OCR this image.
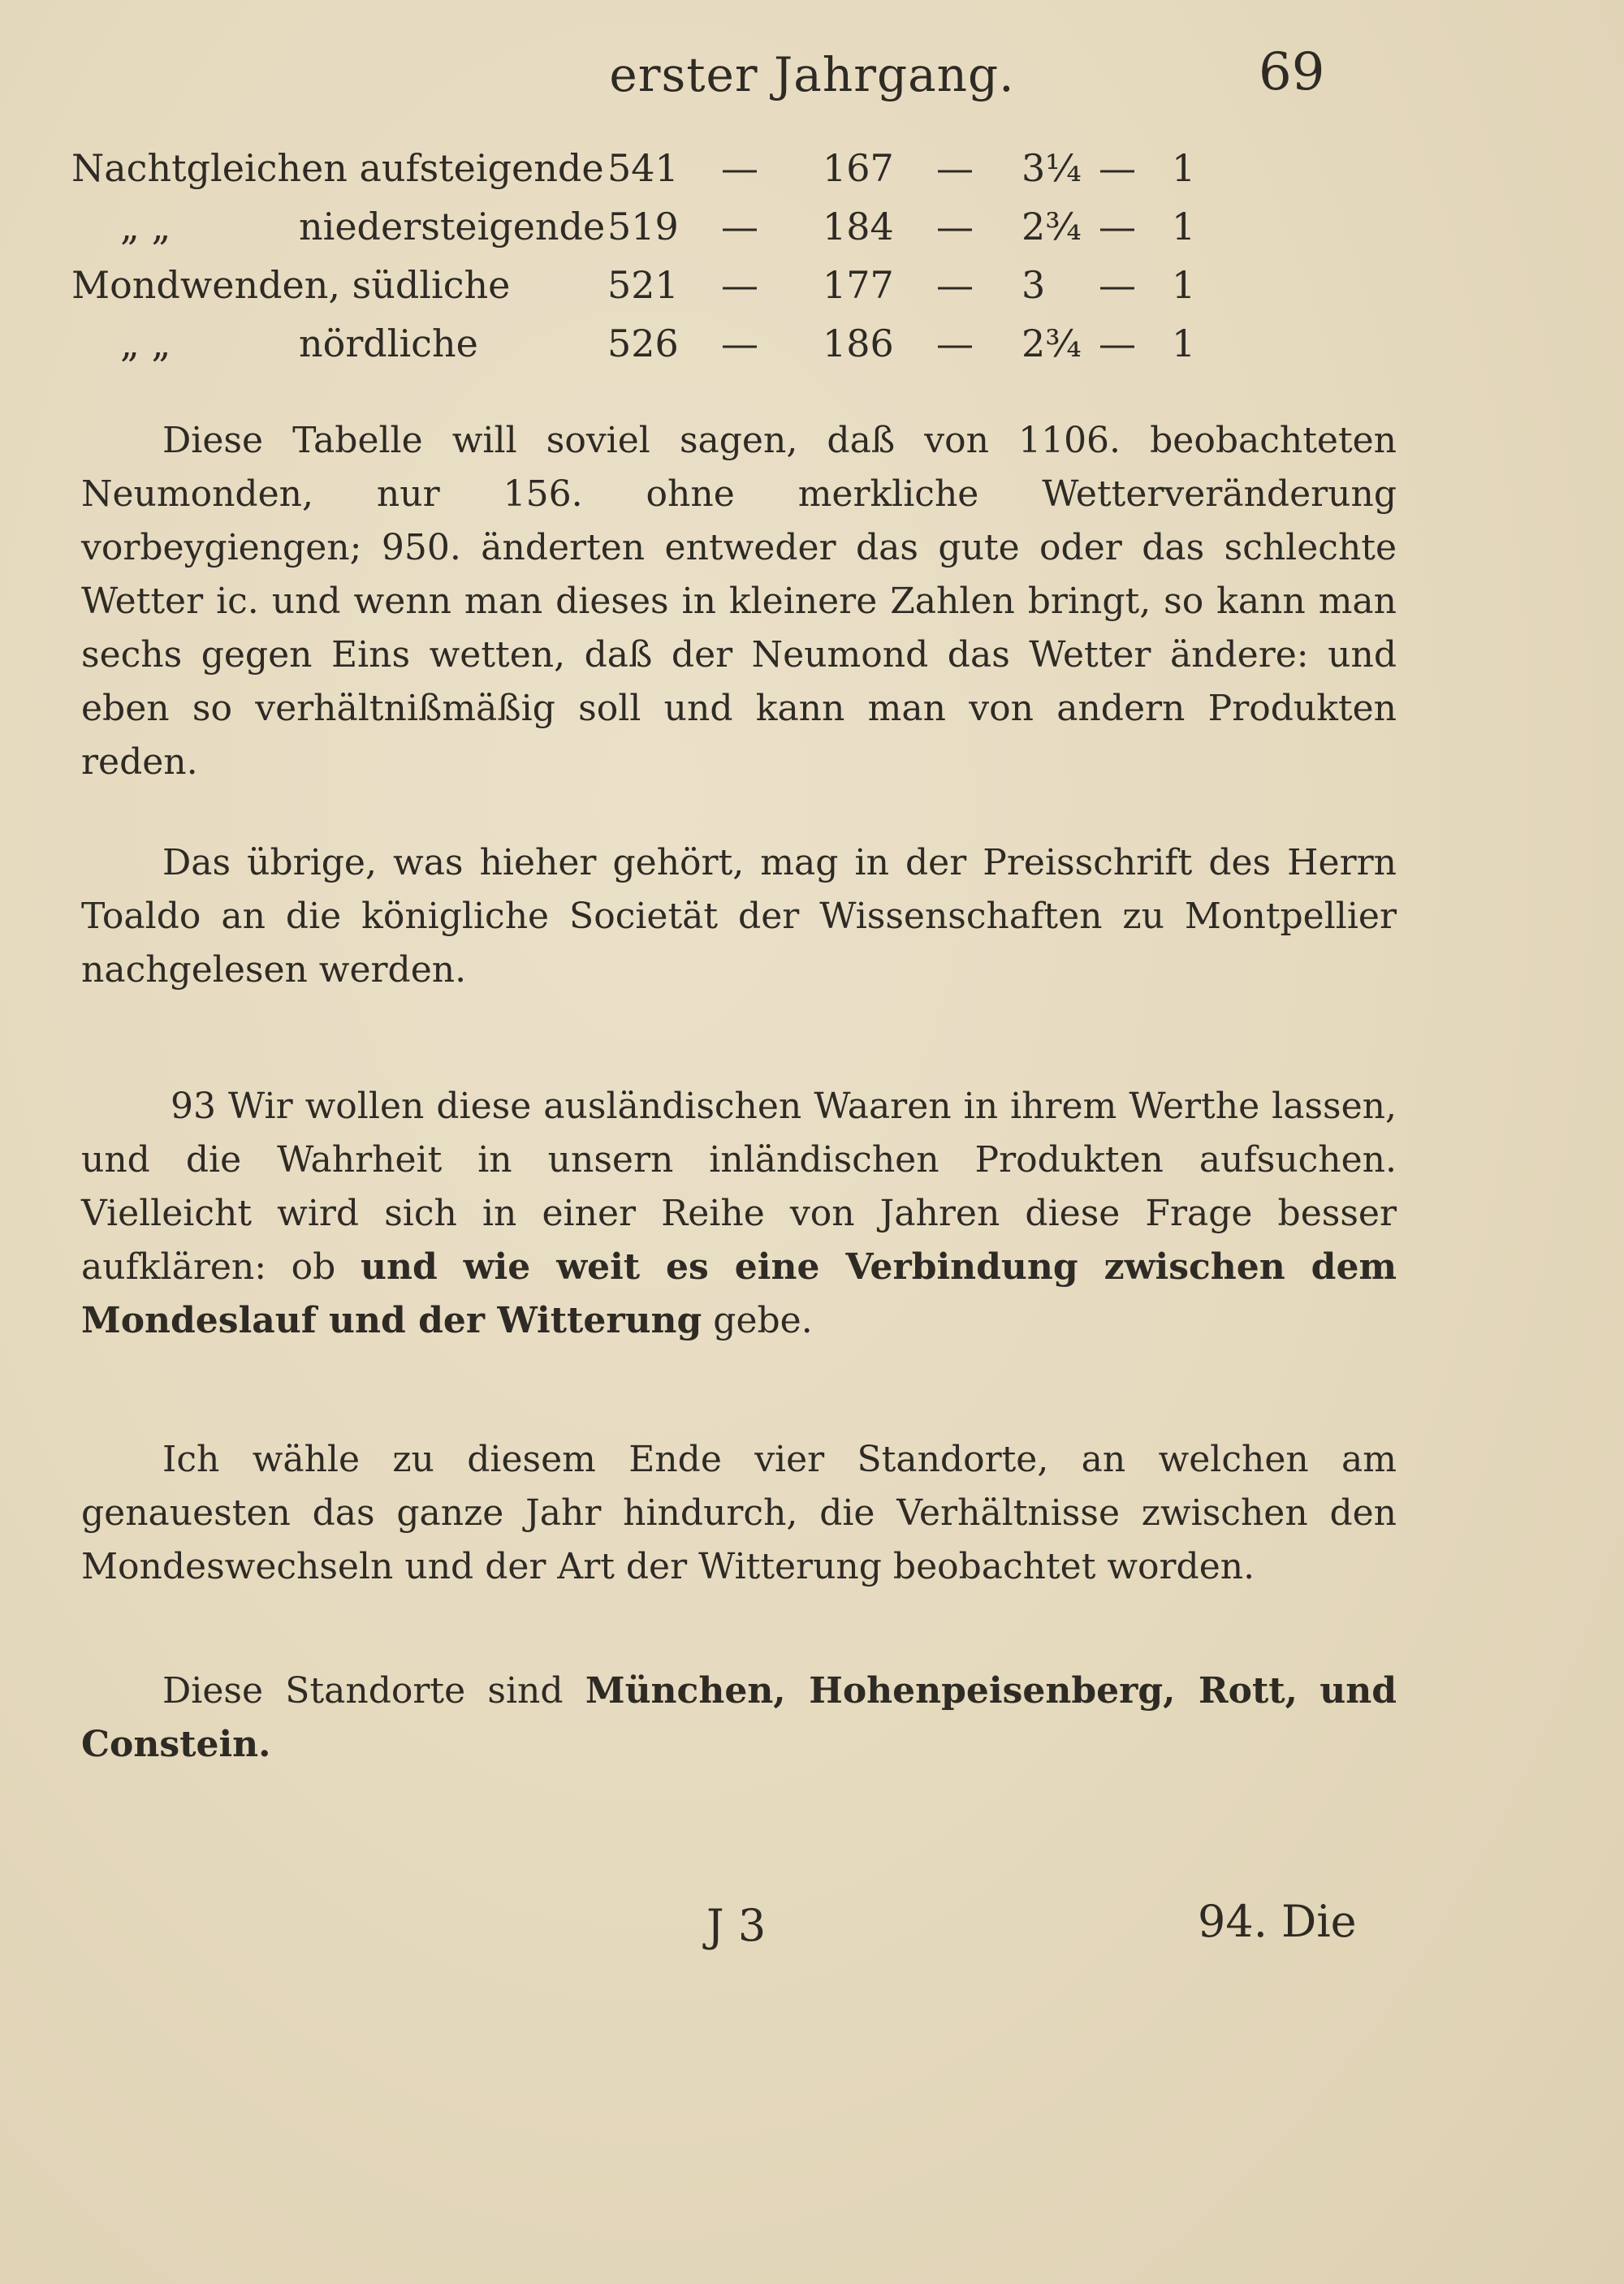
erster Jahrgang.	69
Nachtgleichen aufsteigende 541 — 167 — 3¼ — 1
„ „	niedersteigende 519 — 184 — 2¾ — 1
Mondwenden, südliche	521 — 177 — 3 — 1
„ „	nördliche	526 — 186 — 2¾ — 1

Diese Tabelle will soviel sagen, daß von 1106. beobachteten Neumonden, nur 156. ohne merkliche Wetterveränderung vorbeygiengen; 950. änderten entweder das gute oder das schlechte Wetter ic. und wenn man dieses in kleinere Zahlen bringt, so kann man sechs gegen Eins wetten, daß der Neumond das Wetter ändere: und eben so verhältnißmäßig soll und kann man von andern Produkten reden.

Das übrige, was hieher gehört, mag in der Preisschrift des Herrn Toaldo an die königliche Societät der Wissenschaften zu Montpellier nachgelesen werden.

93 Wir wollen diese ausländischen Waaren in ihrem Werthe lassen, und die Wahrheit in unsern inländischen Produkten aufsuchen. Vielleicht wird sich in einer Reihe von Jahren diese Frage besser aufklären: ob und wie weit es eine Verbindung zwischen dem Mondeslauf und der Witterung gebe.

Ich wähle zu diesem Ende vier Standorte, an welchen am genauesten das ganze Jahr hindurch, die Verhältnisse zwischen den Mondeswechseln und der Art der Witterung beobachtet worden.

Diese Standorte sind München, Hohenpeisenberg, Rott, und Constein.

J 3	94. Die
